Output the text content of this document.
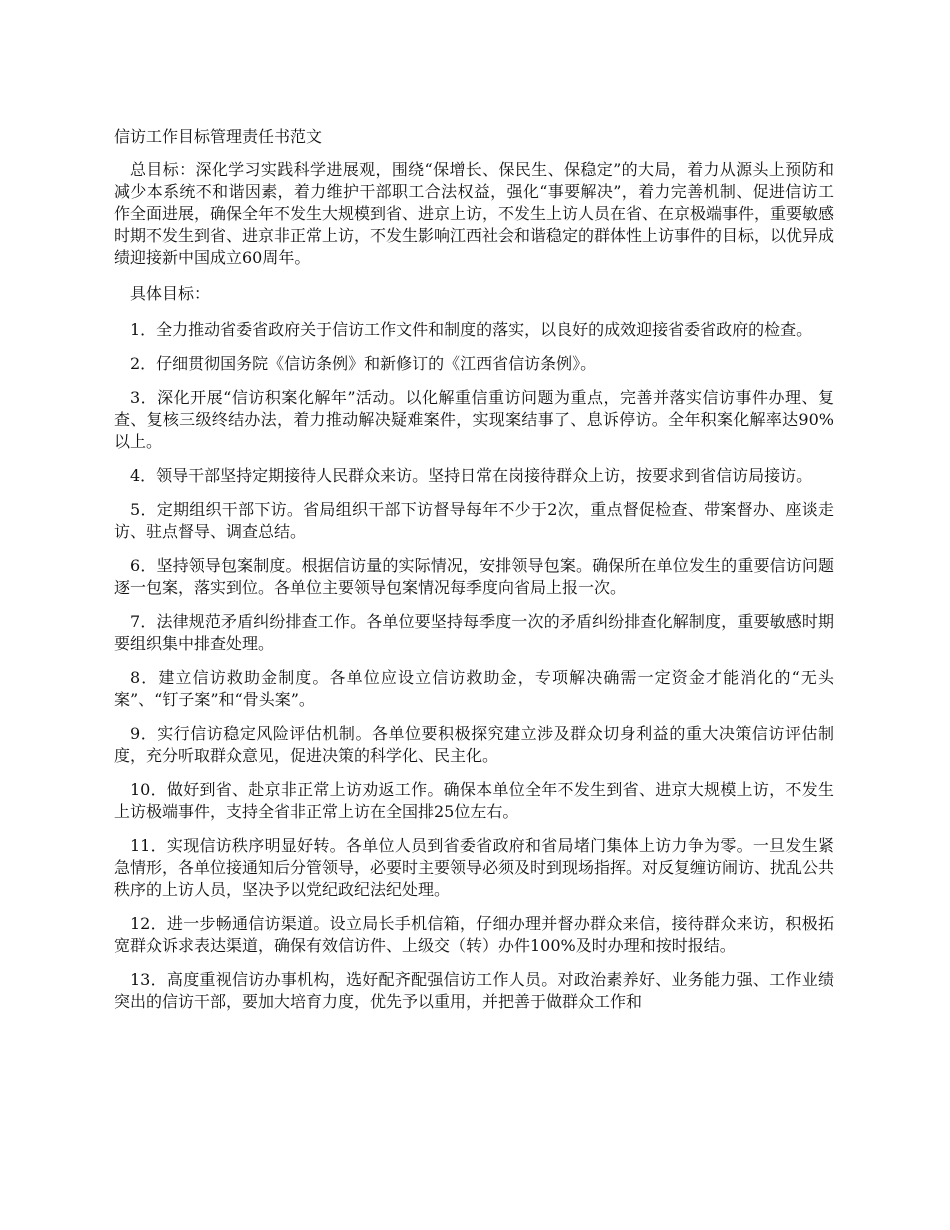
信访工作目标管理责任书范文

总目标：深化学习实践科学进展观，围绕“保增长、保民生、保稳定”的大局，着力从源头上预防和减少本系统不和谐因素，着力维护干部职工合法权益，强化“事要解决”，着力完善机制、促进信访工作全面进展，确保全年不发生大规模到省、进京上访，不发生上访人员在省、在京极端事件，重要敏感时期不发生到省、进京非正常上访，不发生影响江西社会和谐稳定的群体性上访事件的目标，以优异成绩迎接新中国成立60周年。

具体目标：

1．全力推动省委省政府关于信访工作文件和制度的落实，以良好的成效迎接省委省政府的检查。

2．仔细贯彻国务院《信访条例》和新修订的《江西省信访条例》。

3．深化开展“信访积案化解年”活动。以化解重信重访问题为重点，完善并落实信访事件办理、复查、复核三级终结办法，着力推动解决疑难案件，实现案结事了、息诉停访。全年积案化解率达90%以上。

4．领导干部坚持定期接待人民群众来访。坚持日常在岗接待群众上访，按要求到省信访局接访。

5．定期组织干部下访。省局组织干部下访督导每年不少于2次，重点督促检查、带案督办、座谈走访、驻点督导、调查总结。

6．坚持领导包案制度。根据信访量的实际情况，安排领导包案。确保所在单位发生的重要信访问题逐一包案，落实到位。各单位主要领导包案情况每季度向省局上报一次。

7．法律规范矛盾纠纷排查工作。各单位要坚持每季度一次的矛盾纠纷排查化解制度，重要敏感时期要组织集中排查处理。

8．建立信访救助金制度。各单位应设立信访救助金，专项解决确需一定资金才能消化的“无头案”、“钉子案”和“骨头案”。

9．实行信访稳定风险评估机制。各单位要积极探究建立涉及群众切身利益的重大决策信访评估制度，充分听取群众意见，促进决策的科学化、民主化。

10．做好到省、赴京非正常上访劝返工作。确保本单位全年不发生到省、进京大规模上访，不发生上访极端事件，支持全省非正常上访在全国排25位左右。

11．实现信访秩序明显好转。各单位人员到省委省政府和省局堵门集体上访力争为零。一旦发生紧急情形，各单位接通知后分管领导，必要时主要领导必须及时到现场指挥。对反复缠访闹访、扰乱公共秩序的上访人员，坚决予以党纪政纪法纪处理。

12．进一步畅通信访渠道。设立局长手机信箱，仔细办理并督办群众来信，接待群众来访，积极拓宽群众诉求表达渠道，确保有效信访件、上级交（转）办件100%及时办理和按时报结。

13．高度重视信访办事机构，选好配齐配强信访工作人员。对政治素养好、业务能力强、工作业绩突出的信访干部，要加大培育力度，优先予以重用，并把善于做群众工作和
